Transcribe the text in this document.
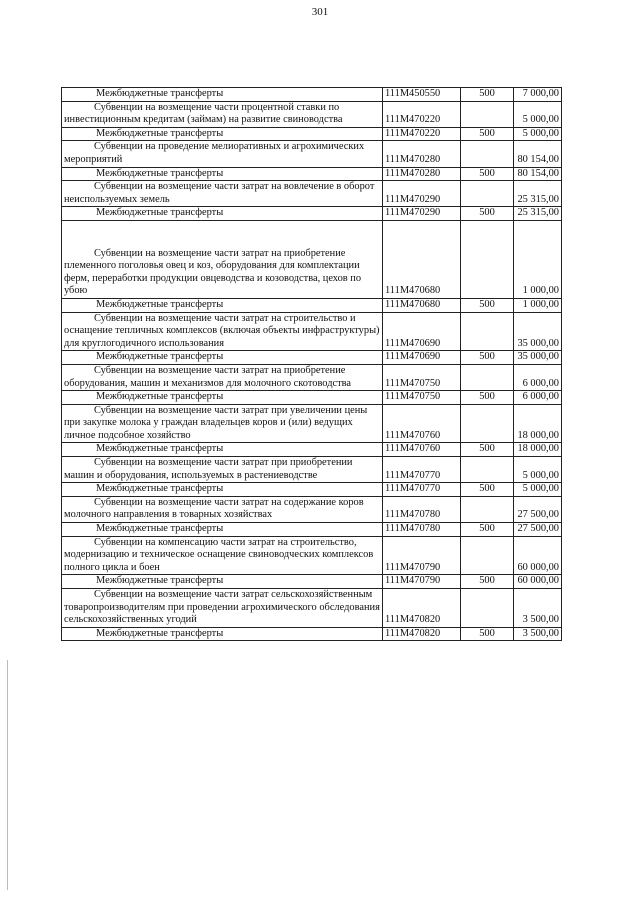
301
Межбюджетные трансферты	111М450550	500	7 000,00

Субвенции на возмещение части процентной ставки по инвестиционным кредитам (займам) на развитие свиноводства	111М470220		5 000,00
Межбюджетные трансферты	111М470220	500	5 000,00

Субвенции на проведение мелиоративных и агрохимических мероприятий	111М470280		80 154,00
Межбюджетные трансферты	111М470280	500	80 154,00

Субвенции на возмещение части затрат на вовлечение в оборот неиспользуемых земель	111М470290		25 315,00
Межбюджетные трансферты	111М470290	500	25 315,00

Субвенции на возмещение части затрат на приобретение племенного поголовья овец и коз, оборудования для комплектации ферм, переработки продукции овцеводства и козоводства, цехов по убою	111М470680		1 000,00
Межбюджетные трансферты	111М470680	500	1 000,00

Субвенции на возмещение части затрат на строительство и оснащение тепличных комплексов (включая объекты инфраструктуры) для круглогодичного использования	111М470690		35 000,00
Межбюджетные трансферты	111М470690	500	35 000,00

Субвенции на возмещение части затрат на приобретение оборудования, машин и механизмов для молочного скотоводства	111М470750		6 000,00
Межбюджетные трансферты	111М470750	500	6 000,00

Субвенции на возмещение части затрат при увеличении цены при закупке молока у граждан владельцев коров и (или) ведущих личное подсобное хозяйство	111М470760		18 000,00
Межбюджетные трансферты	111М470760	500	18 000,00

Субвенции на возмещение части затрат при приобретении машин и оборудования, используемых в растениеводстве	111М470770		5 000,00
Межбюджетные трансферты	111М470770	500	5 000,00

Субвенции на возмещение части затрат на содержание коров молочного направления в товарных хозяйствах	111М470780		27 500,00
Межбюджетные трансферты	111М470780	500	27 500,00

Субвенции на компенсацию части затрат на строительство, модернизацию и техническое оснащение свиноводческих комплексов полного цикла и боен	111М470790		60 000,00
Межбюджетные трансферты	111М470790	500	60 000,00

Субвенции на возмещение части затрат сельскохозяйственным товаропроизводителям при проведении агрохимического обследования сельскохозяйственных угодий	111М470820		3 500,00
Межбюджетные трансферты	111М470820	500	3 500,00
